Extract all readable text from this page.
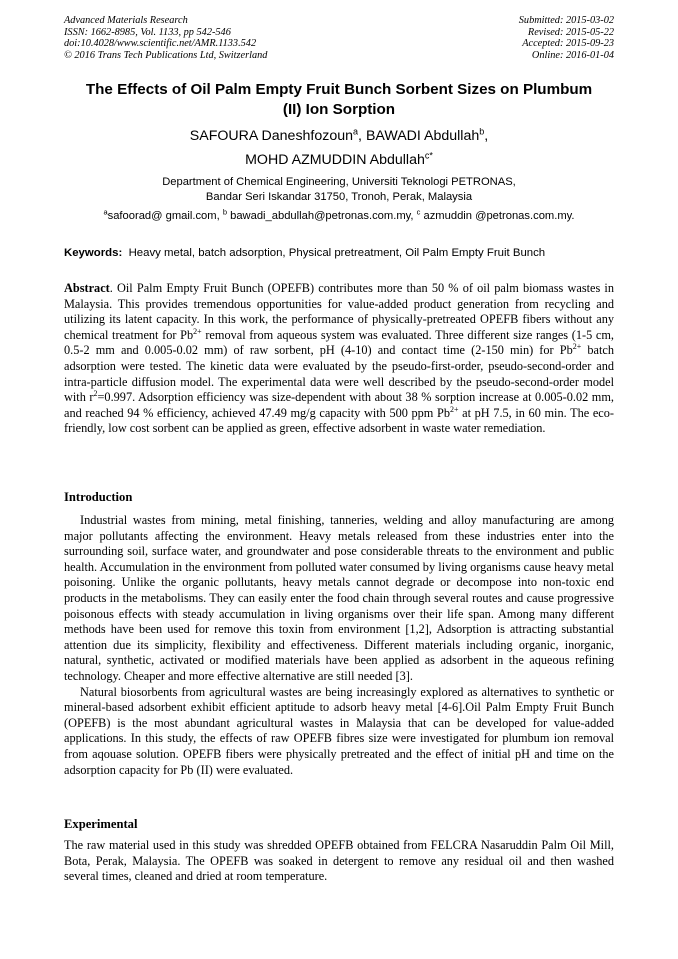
Advanced Materials Research
ISSN: 1662-8985, Vol. 1133, pp 542-546
doi:10.4028/www.scientific.net/AMR.1133.542
© 2016 Trans Tech Publications Ltd, Switzerland
Submitted: 2015-03-02
Revised: 2015-05-22
Accepted: 2015-09-23
Online: 2016-01-04
The Effects of Oil Palm Empty Fruit Bunch Sorbent Sizes on Plumbum
(II) Ion Sorption
SAFOURA Daneshfozoun$^a$, BAWADI Abdullah$^b$,
MOHD AZMUDDIN Abdullah$^{c*}$
Department of Chemical Engineering, Universiti Teknologi PETRONAS,
Bandar Seri Iskandar 31750, Tronoh, Perak, Malaysia
$^a$safoorad@ gmail.com, $^b$ bawadi_abdullah@petronas.com.my, $^c$ azmuddin @petronas.com.my.
Keywords: Heavy metal, batch adsorption, Physical pretreatment, Oil Palm Empty Fruit Bunch

Abstract. Oil Palm Empty Fruit Bunch (OPEFB) contributes more than 50 % of oil palm biomass wastes in Malaysia. This provides tremendous opportunities for value-added product generation from recycling and utilizing its latent capacity. In this work, the performance of physically-pretreated OPEFB fibers without any chemical treatment for $Pb^{2+}$ removal from aqueous system was evaluated. Three different size ranges (1-5 cm, 0.5-2 mm and 0.005-0.02 mm) of raw sorbent, pH (4-10) and contact time (2-150 min) for $Pb^{2+}$ batch adsorption were tested. The kinetic data were evaluated by the pseudo-first-order, pseudo-second-order and intra-particle diffusion model. The experimental data were well described by the pseudo-second-order model with $r^2=0.997$. Adsorption efficiency was size-dependent with about 38 % sorption increase at 0.005-0.02 mm, and reached 94 % efficiency, achieved 47.49 mg/g capacity with 500 ppm $Pb^{2+}$ at pH 7.5, in 60 min. The eco-friendly, low cost sorbent can be applied as green, effective adsorbent in waste water remediation.

Introduction

Industrial wastes from mining, metal finishing, tanneries, welding and alloy manufacturing are among major pollutants affecting the environment. Heavy metals released from these industries enter into the surrounding soil, surface water, and groundwater and pose considerable threats to the environment and public health. Accumulation in the environment from polluted water consumed by living organisms cause heavy metal poisoning. Unlike the organic pollutants, heavy metals cannot degrade or decompose into non-toxic end products in the metabolisms. They can easily enter the food chain through several routes and cause progressive poisonous effects with steady accumulation in living organisms over their life span. Among many different methods have been used for remove this toxin from environment [1,2], Adsorption is attracting substantial attention due its simplicity, flexibility and effectiveness. Different materials including organic, inorganic, natural, synthetic, activated or modified materials have been applied as adsorbent in the aqueous refining technology. Cheaper and more effective alternative are still needed [3].

Natural biosorbents from agricultural wastes are being increasingly explored as alternatives to synthetic or mineral-based adsorbent exhibit efficient aptitude to adsorb heavy metal [4-6].Oil Palm Empty Fruit Bunch (OPEFB) is the most abundant agricultural wastes in Malaysia that can be developed for value-added applications. In this study, the effects of raw OPEFB fibres size were investigated for plumbum ion removal from aqouase solution. OPEFB fibers were physically pretreated and the effect of initial pH and time on the adsorption capacity for Pb (II) were evaluated.

Experimental

The raw material used in this study was shredded OPEFB obtained from FELCRA Nasaruddin Palm Oil Mill, Bota, Perak, Malaysia. The OPEFB was soaked in detergent to remove any residual oil and then washed several times, cleaned and dried at room temperature.
